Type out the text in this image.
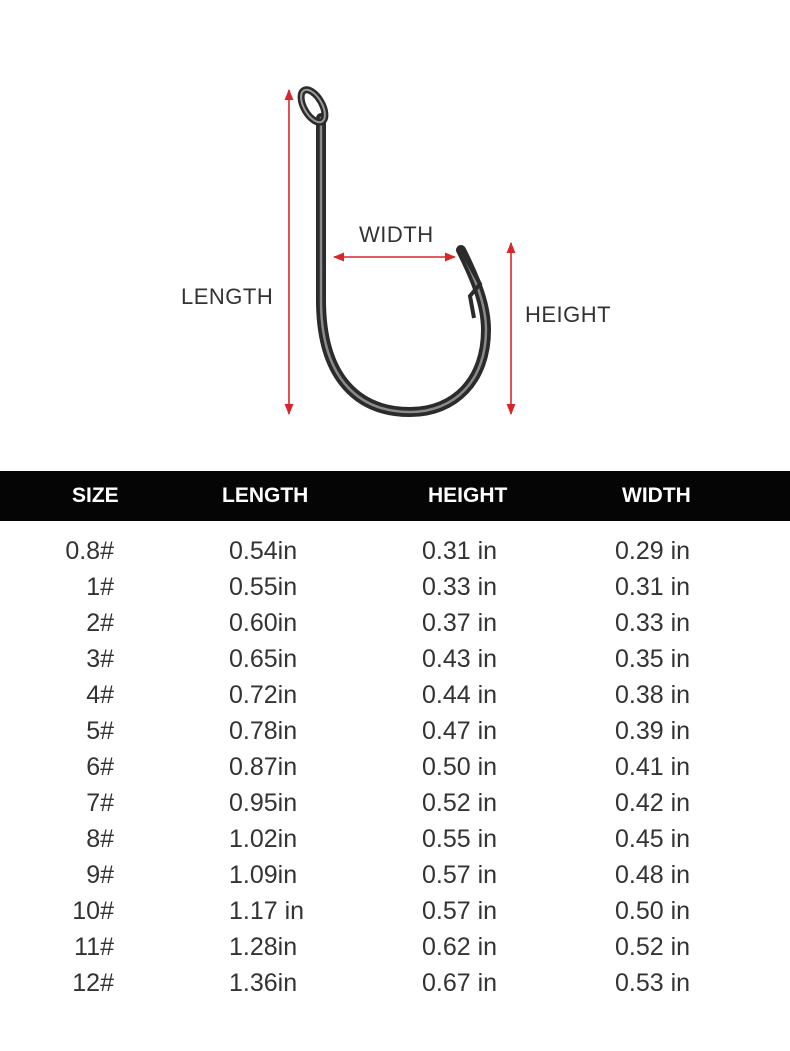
LENGTH
WIDTH
HEIGHT
SIZE	LENGTH	HEIGHT	WIDTH
0.8#	0.54in	0.31 in	0.29 in
1#	0.55in	0.33 in	0.31 in
2#	0.60in	0.37 in	0.33 in
3#	0.65in	0.43 in	0.35 in
4#	0.72in	0.44 in	0.38 in
5#	0.78in	0.47 in	0.39 in
6#	0.87in	0.50 in	0.41 in
7#	0.95in	0.52 in	0.42 in
8#	1.02in	0.55 in	0.45 in
9#	1.09in	0.57 in	0.48 in
10#	1.17 in	0.57 in	0.50 in
11#	1.28in	0.62 in	0.52 in
12#	1.36in	0.67 in	0.53 in
